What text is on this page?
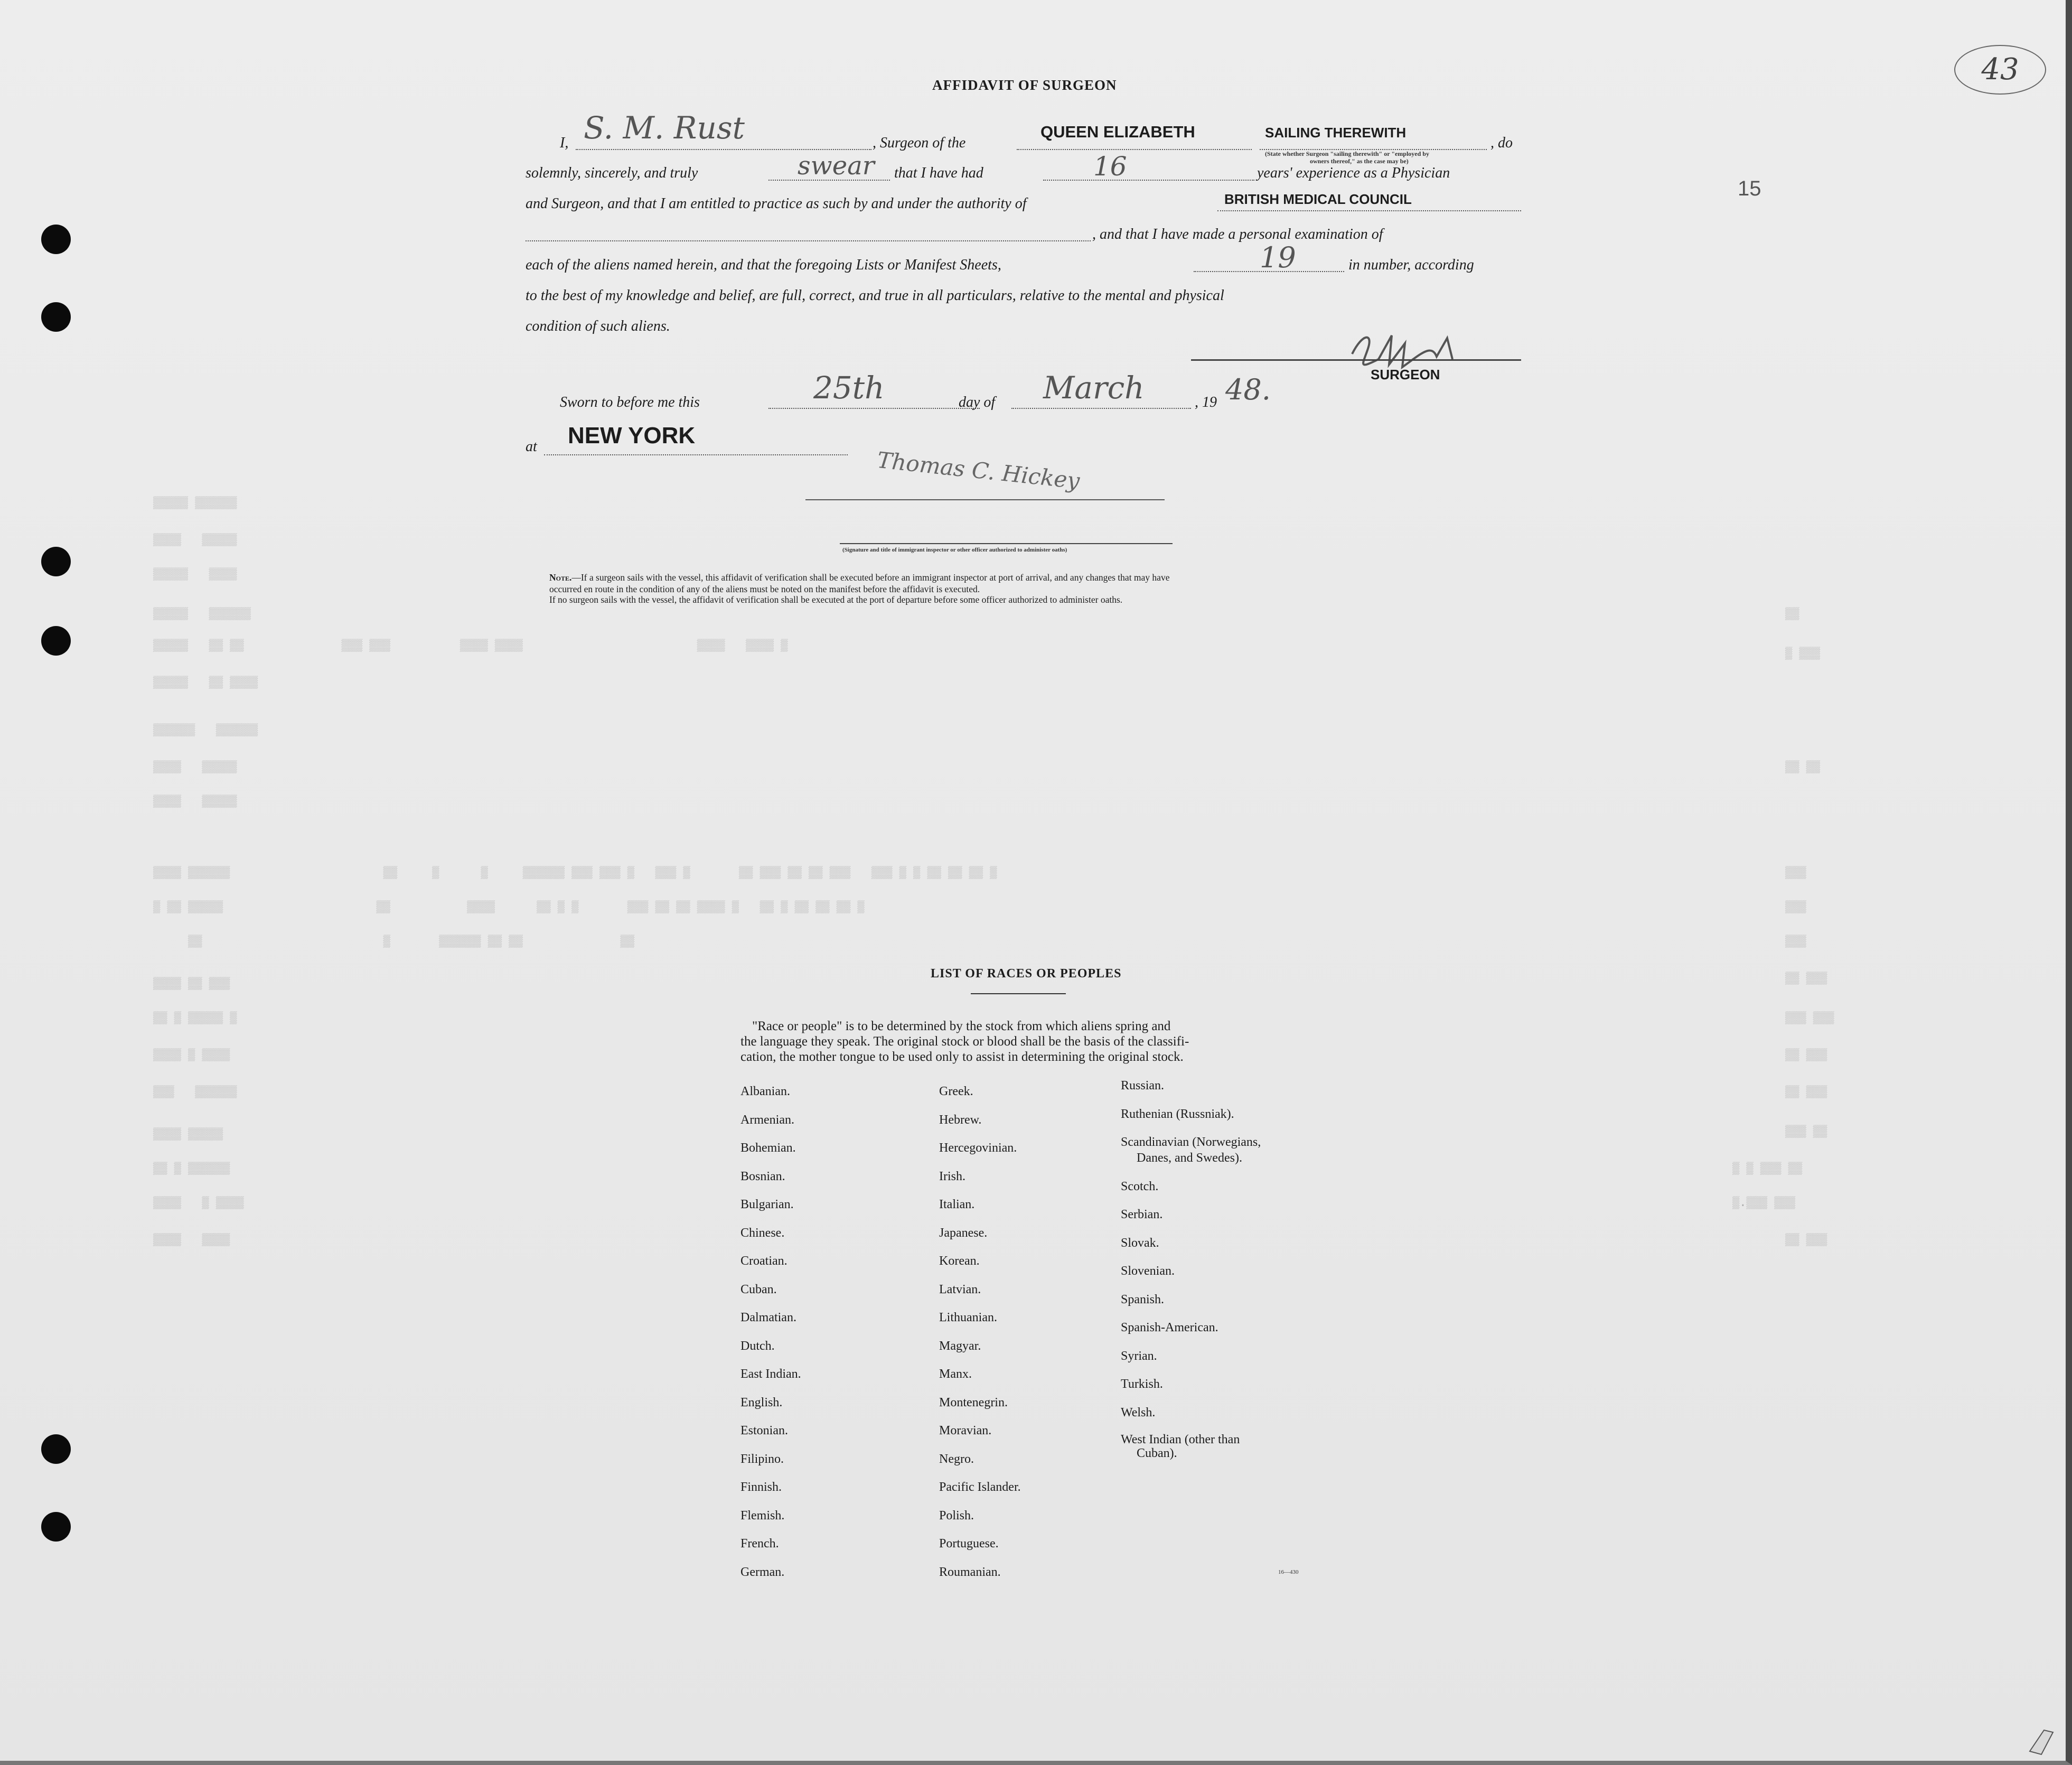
43
15
▒▒▒▒▒ ▒▒▒▒▒▒
▒▒▒▒   ▒▒▒▒▒
▒▒▒▒▒   ▒▒▒▒
▒▒▒▒▒   ▒▒▒▒▒▒
▒▒▒▒▒   ▒▒ ▒▒              ▒▒▒ ▒▒▒          ▒▒▒▒ ▒▒▒▒                         ▒▒▒▒   ▒▒▒▒ ▒
▒▒▒▒▒   ▒▒ ▒▒▒▒
▒▒▒▒▒▒   ▒▒▒▒▒▒
▒▒▒▒   ▒▒▒▒▒
▒▒▒▒   ▒▒▒▒▒
▒▒▒▒ ▒▒▒▒▒▒                      ▒▒     ▒      ▒     ▒▒▒▒▒▒ ▒▒▒ ▒▒▒ ▒   ▒▒▒ ▒       ▒▒ ▒▒▒ ▒▒ ▒▒ ▒▒▒   ▒▒▒ ▒ ▒ ▒▒ ▒▒ ▒▒ ▒
▒ ▒▒ ▒▒▒▒▒                      ▒▒           ▒▒▒▒      ▒▒ ▒ ▒       ▒▒▒ ▒▒ ▒▒ ▒▒▒▒ ▒   ▒▒ ▒ ▒▒ ▒▒ ▒▒ ▒
▒▒                          ▒       ▒▒▒▒▒▒ ▒▒ ▒▒              ▒▒
▒▒▒▒ ▒▒ ▒▒▒
▒▒ ▒ ▒▒▒▒▒ ▒
▒▒▒▒ ▒ ▒▒▒▒
▒▒▒   ▒▒▒▒▒▒
▒▒▒▒ ▒▒▒▒▒
▒▒ ▒ ▒▒▒▒▒▒
▒▒▒▒   ▒ ▒▒▒▒
▒▒▒▒   ▒▒▒▒
▒▒
▒ ▒▒▒
▒▒ ▒▒
▒▒▒
▒▒▒
▒▒▒
▒▒ ▒▒▒
▒▒▒ ▒▒▒
▒▒ ▒▒▒
▒▒ ▒▒▒
▒▒▒ ▒▒
▒ ▒ ▒▒▒ ▒▒
▒.▒▒▒ ▒▒▒
▒▒ ▒▒▒
AFFIDAVIT OF SURGEON
I, S. M. Rust	, Surgeon of the
QUEEN ELIZABETH	SAILING THEREWITH
, do
(State whether Surgeon "sailing therewith" or "employed by
owners thereof," as the case may be)
solemnly, sincerely, and truly	swear that I have had	16	years' experience as a Physician
and Surgeon, and that I am entitled to practice as such by and under the authority of	BRITISH MEDICAL COUNCIL
, and that I have made a personal examination of
each of the aliens named herein, and that the foregoing Lists or Manifest Sheets,	19	in number, according
to the best of my knowledge and belief, are full, correct, and true in all particulars, relative to the mental and physical
condition of such aliens.
SURGEON
Sworn to before me this	25th	day of March	, 19 48.
at NEW YORK
Thomas C. Hickey
(Signature and title of immigrant inspector or other officer authorized to administer oaths)
Note.—If a surgeon sails with the vessel, this affidavit of verification shall be executed before an immigrant inspector at port of arrival, and any changes that may have
occurred en route in the condition of any of the aliens must be noted on the manifest before the affidavit is executed.
If no surgeon sails with the vessel, the affidavit of verification shall be executed at the port of departure before some officer authorized to administer oaths.
LIST OF RACES OR PEOPLES
"Race or people" is to be determined by the stock from which aliens spring and
the language they speak. The original stock or blood shall be the basis of the classifi-
cation, the mother tongue to be used only to assist in determining the original stock.
Albanian.
Armenian.
Bohemian.
Bosnian.
Bulgarian.
Chinese.
Croatian.
Cuban.
Dalmatian.
Dutch.
East Indian.
English.
Estonian.
Filipino.
Finnish.
Flemish.
French.
German.
Greek.
Hebrew.
Hercegovinian.
Irish.
Italian.
Japanese.
Korean.
Latvian.
Lithuanian.
Magyar.
Manx.
Montenegrin.
Moravian.
Negro.
Pacific Islander.
Polish.
Portuguese.
Roumanian.
Russian.
Ruthenian (Russniak).
Scandinavian (Norwegians,
Danes, and Swedes).
Scotch.
Serbian.
Slovak.
Slovenian.
Spanish.
Spanish-American.
Syrian.
Turkish.
Welsh.
West Indian (other than
Cuban).
16—430
